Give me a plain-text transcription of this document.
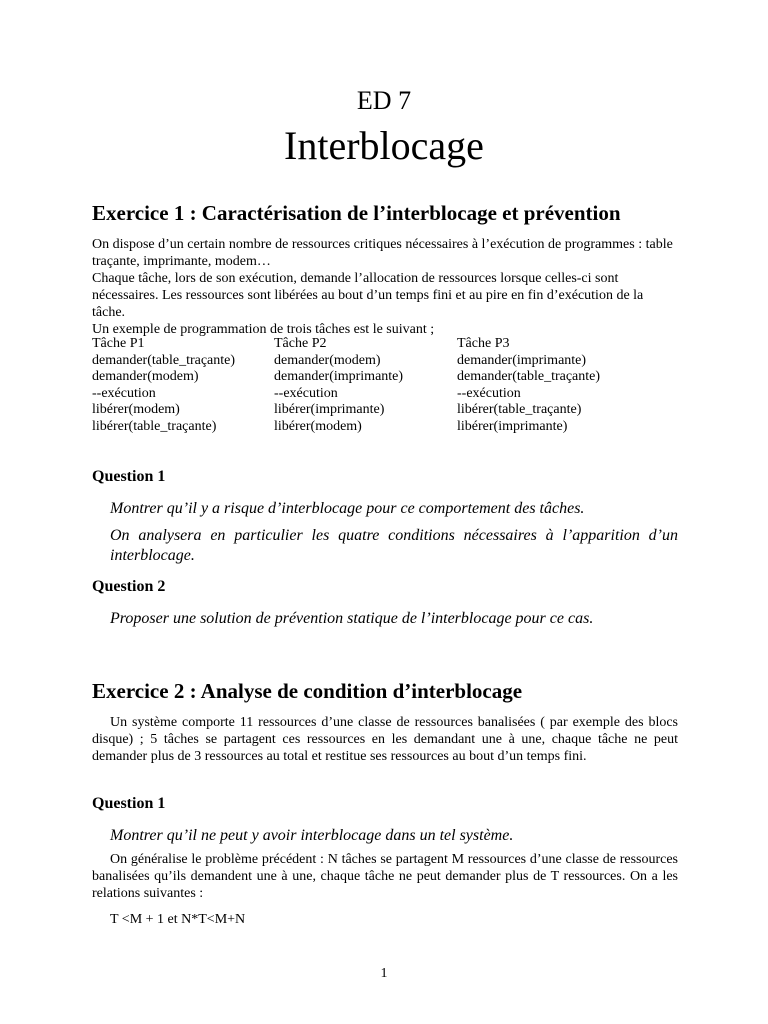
ED 7
Interblocage
Exercice 1 : Caractérisation de l’interblocage et prévention

On dispose d’un certain nombre de ressources critiques nécessaires à l’exécution de programmes : table traçante, imprimante, modem…

Chaque tâche, lors de son exécution, demande l’allocation de ressources lorsque celles-ci sont nécessaires. Les ressources sont libérées au bout d’un temps fini et au pire en fin d’exécution de la tâche.

Un exemple de programmation de trois tâches est le suivant ;

Tâche P1
demander(table_traçante)
demander(modem)
--exécution
libérer(modem)
libérer(table_traçante)
Tâche P2
demander(modem)
demander(imprimante)
--exécution
libérer(imprimante)
libérer(modem)
Tâche P3
demander(imprimante)
demander(table_traçante)
--exécution
libérer(table_traçante)
libérer(imprimante)
Question 1

Montrer qu’il y a risque d’interblocage pour ce comportement des tâches.

On analysera en particulier les quatre conditions nécessaires à l’apparition d’un interblocage.

Question 2

Proposer une solution de prévention statique de l’interblocage pour ce cas.

Exercice 2 : Analyse de condition d’interblocage

Un système comporte 11 ressources d’une classe de ressources banalisées ( par exemple des blocs disque) ; 5 tâches se partagent ces ressources en les demandant une à une, chaque tâche ne peut demander plus de 3 ressources au total et restitue ses ressources au bout d’un temps fini.

Question 1

Montrer qu’il ne peut y avoir interblocage dans un tel système.

On généralise le problème précédent : N tâches se partagent M ressources d’une classe de ressources banalisées qu’ils demandent une à une, chaque tâche ne peut demander plus de T ressources. On a les relations suivantes :

T <M + 1 et N*T<M+N

1
